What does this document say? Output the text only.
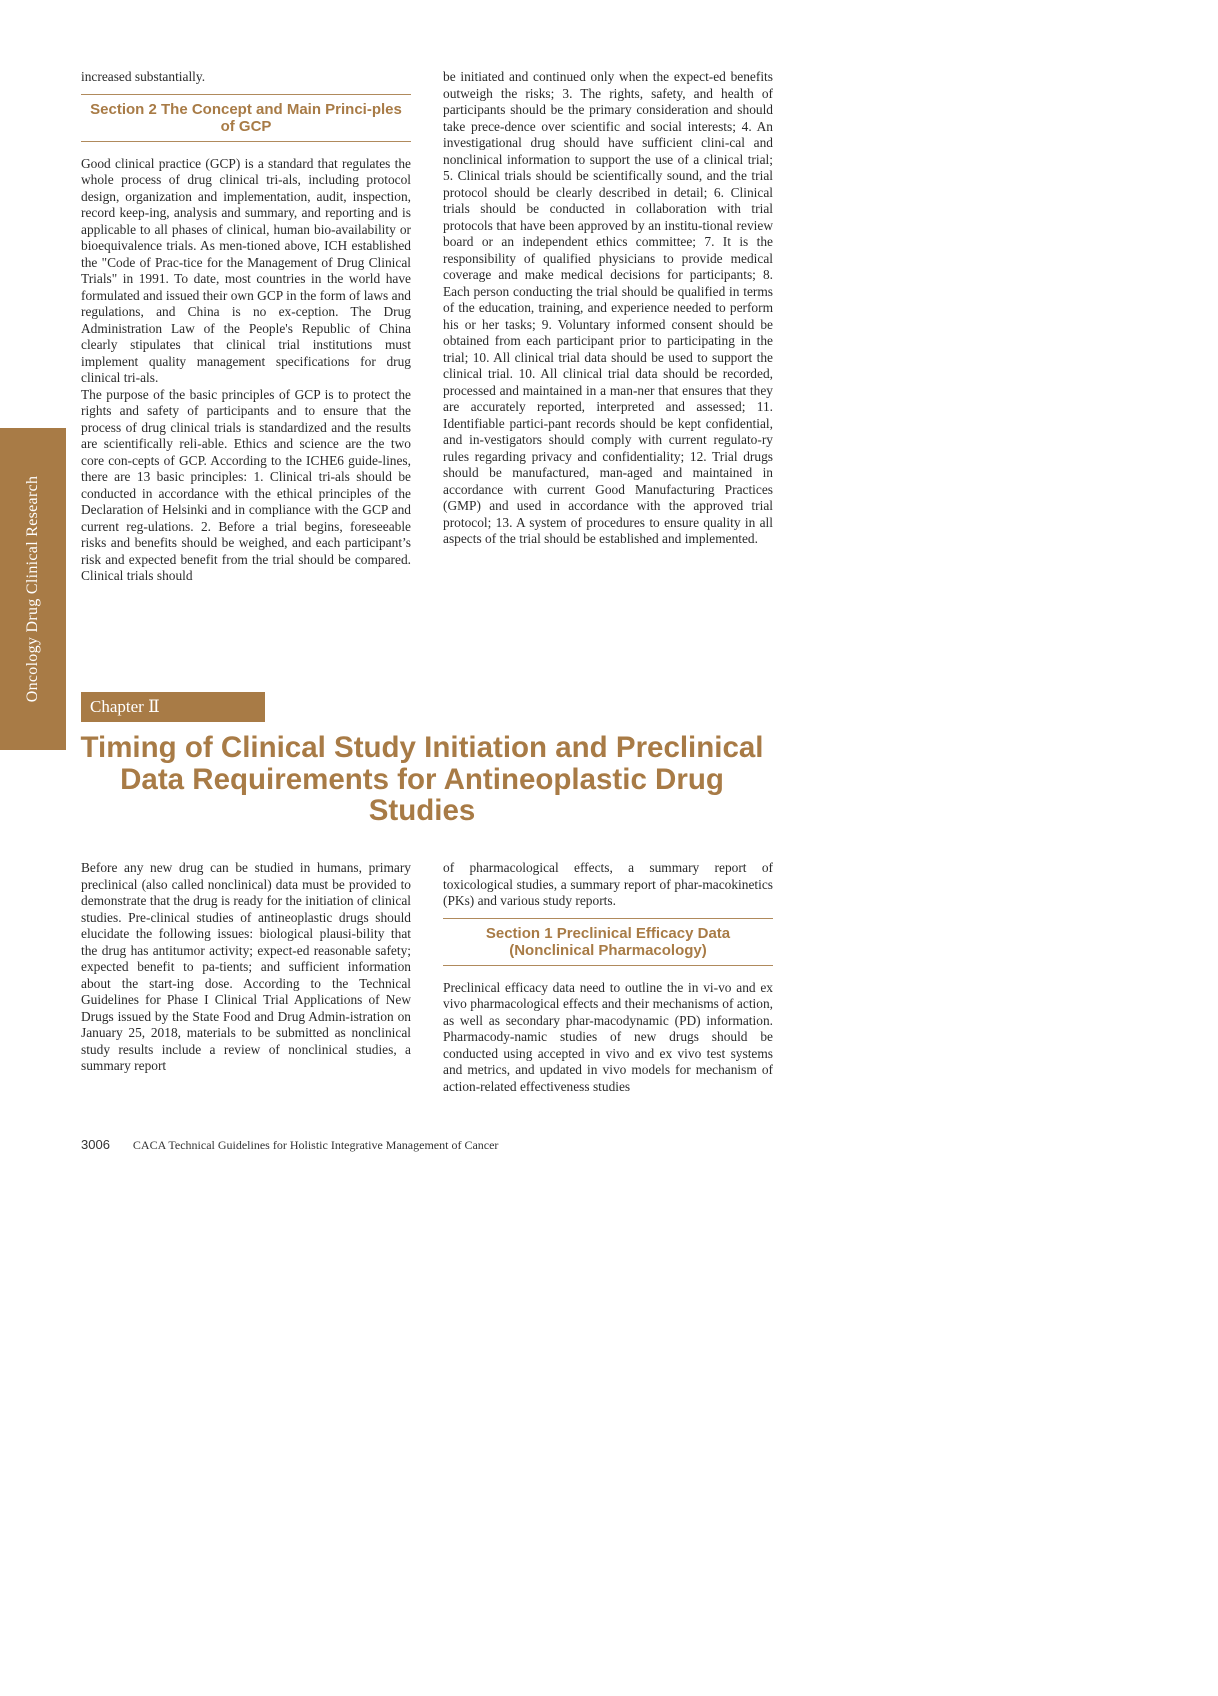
Oncology Drug Clinical Research

increased substantially.

Section 2 The Concept and Main Princi-ples of GCP

Good clinical practice (GCP) is a standard that regulates the whole process of drug clinical tri-als, including protocol design, organization and implementation, audit, inspection, record keep-ing, analysis and summary, and reporting and is applicable to all phases of clinical, human bio-availability or bioequivalence trials. As men-tioned above, ICH established the "Code of Prac-tice for the Management of Drug Clinical Trials" in 1991. To date, most countries in the world have formulated and issued their own GCP in the form of laws and regulations, and China is no ex-ception. The Drug Administration Law of the People's Republic of China clearly stipulates that clinical trial institutions must implement quality management specifications for drug clinical tri-als.

The purpose of the basic principles of GCP is to protect the rights and safety of participants and to ensure that the process of drug clinical trials is standardized and the results are scientifically reli-able. Ethics and science are the two core con-cepts of GCP. According to the ICHE6 guide-lines, there are 13 basic principles: 1. Clinical tri-als should be conducted in accordance with the ethical principles of the Declaration of Helsinki and in compliance with the GCP and current reg-ulations. 2. Before a trial begins, foreseeable risks and benefits should be weighed, and each participant’s risk and expected benefit from the trial should be compared. Clinical trials should

be initiated and continued only when the expect-ed benefits outweigh the risks; 3. The rights, safety, and health of participants should be the primary consideration and should take prece-dence over scientific and social interests; 4. An investigational drug should have sufficient clini-cal and nonclinical information to support the use of a clinical trial; 5. Clinical trials should be scientifically sound, and the trial protocol should be clearly described in detail; 6. Clinical trials should be conducted in collaboration with trial protocols that have been approved by an institu-tional review board or an independent ethics committee; 7. It is the responsibility of qualified physicians to provide medical coverage and make medical decisions for participants; 8. Each person conducting the trial should be qualified in terms of the education, training, and experience needed to perform his or her tasks; 9. Voluntary informed consent should be obtained from each participant prior to participating in the trial; 10. All clinical trial data should be used to support the clinical trial. 10. All clinical trial data should be recorded, processed and maintained in a man-ner that ensures that they are accurately reported, interpreted and assessed; 11. Identifiable partici-pant records should be kept confidential, and in-vestigators should comply with current regulato-ry rules regarding privacy and confidentiality; 12. Trial drugs should be manufactured, man-aged and maintained in accordance with current Good Manufacturing Practices (GMP) and used in accordance with the approved trial protocol; 13. A system of procedures to ensure quality in all aspects of the trial should be established and implemented.

Chapter Ⅱ
Timing of Clinical Study Initiation and Preclinical Data Requirements for Antineoplastic Drug Studies

Before any new drug can be studied in humans, primary preclinical (also called nonclinical) data must be provided to demonstrate that the drug is ready for the initiation of clinical studies. Pre-clinical studies of antineoplastic drugs should elucidate the following issues: biological plausi-bility that the drug has antitumor activity; expect-ed reasonable safety; expected benefit to pa-tients; and sufficient information about the start-ing dose. According to the Technical Guidelines for Phase I Clinical Trial Applications of New Drugs issued by the State Food and Drug Admin-istration on January 25, 2018, materials to be submitted as nonclinical study results include a review of nonclinical studies, a summary report

of pharmacological effects, a summary report of toxicological studies, a summary report of phar-macokinetics (PKs) and various study reports.

Section 1 Preclinical Efficacy Data (Nonclinical Pharmacology)

Preclinical efficacy data need to outline the in vi-vo and ex vivo pharmacological effects and their mechanisms of action, as well as secondary phar-macodynamic (PD) information. Pharmacody-namic studies of new drugs should be conducted using accepted in vivo and ex vivo test systems and metrics, and updated in vivo models for mechanism of action-related effectiveness studies

3006 CACA Technical Guidelines for Holistic Integrative Management of Cancer
